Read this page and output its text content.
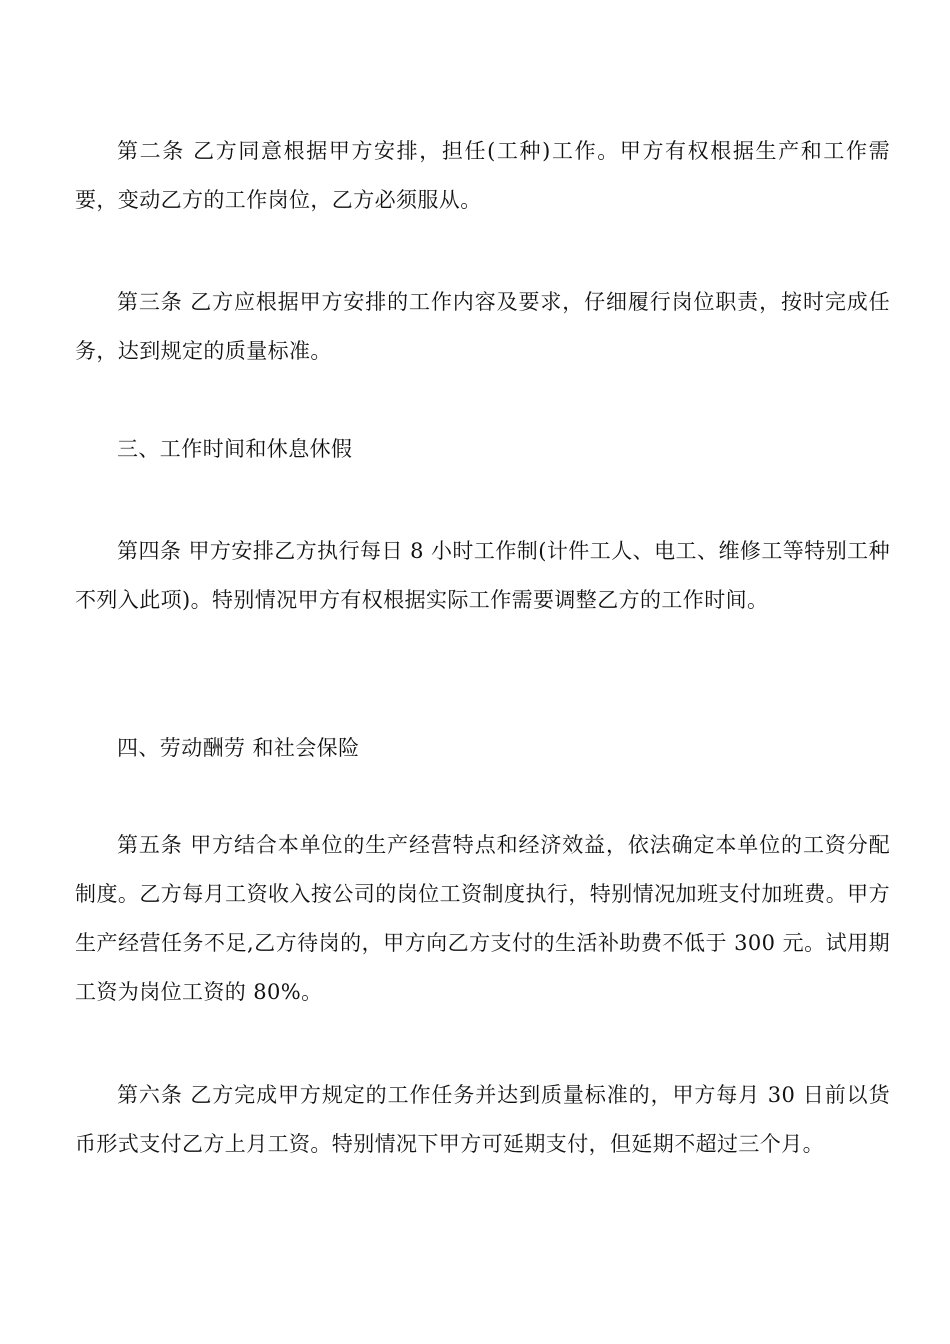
第二条 乙方同意根据甲方安排，担任(工种)工作。甲方有权根据生产和工作需要，变动乙方的工作岗位，乙方必须服从。

第三条 乙方应根据甲方安排的工作内容及要求，仔细履行岗位职责，按时完成任务，达到规定的质量标准。

三、工作时间和休息休假

第四条 甲方安排乙方执行每日 8 小时工作制(计件工人、电工、维修工等特别工种不列入此项)。特别情况甲方有权根据实际工作需要调整乙方的工作时间。

四、劳动酬劳 和社会保险

第五条 甲方结合本单位的生产经营特点和经济效益，依法确定本单位的工资分配制度。乙方每月工资收入按公司的岗位工资制度执行，特别情况加班支付加班费。甲方生产经营任务不足,乙方待岗的，甲方向乙方支付的生活补助费不低于 300 元。试用期工资为岗位工资的 80%。

第六条 乙方完成甲方规定的工作任务并达到质量标准的，甲方每月 30 日前以货币形式支付乙方上月工资。特别情况下甲方可延期支付，但延期不超过三个月。
